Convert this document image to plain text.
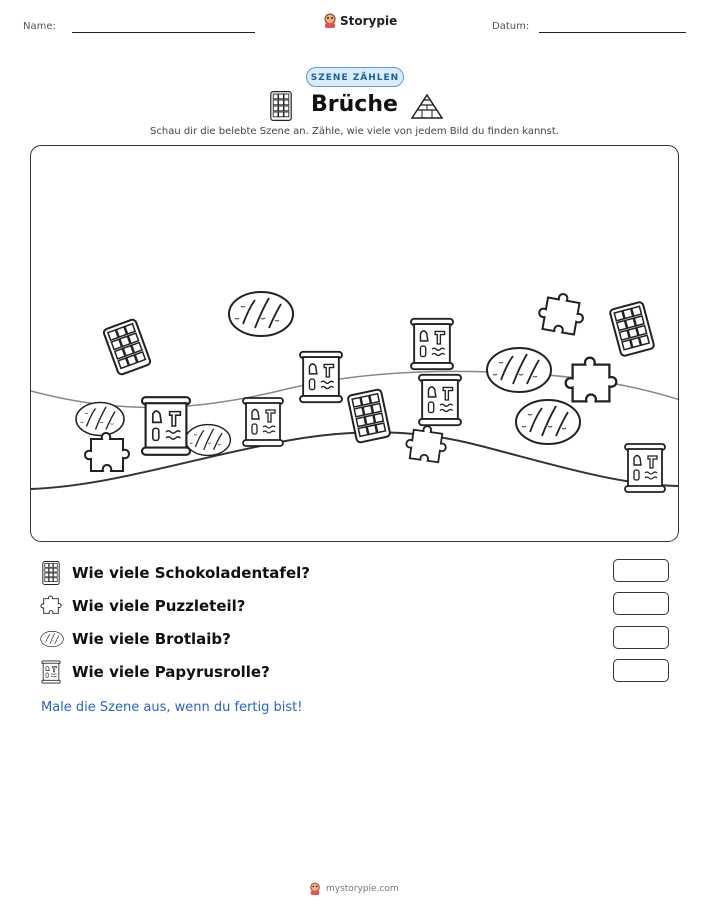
Name:	Storypie	Datum:
SZENE ZÄHLEN
Brüche
Schau dir die belebte Szene an. Zähle, wie viele von jedem Bild du finden kannst.
Wie viele Schokoladentafel?
Wie viele Puzzleteil?
Wie viele Brotlaib?
Wie viele Papyrusrolle?
Male die Szene aus, wenn du fertig bist!
mystorypie.com
